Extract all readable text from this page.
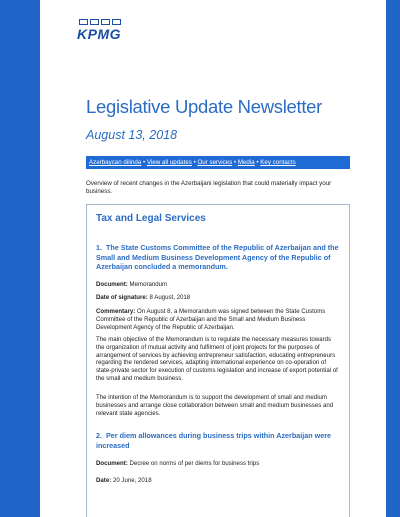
KPMG
Legislative Update Newsletter
August 13, 2018
Azərbaycan dilində • View all updates • Our services • Media • Key contacts
Overview of recent changes in the Azerbaijani legislation that could materially impact your business.
Tax and Legal Services
1. The State Customs Committee of the Republic of Azerbaijan and the Small and Medium Business Development Agency of the Republic of Azerbaijan concluded a memorandum.
Document: Memorandum
Date of signature: 8 August, 2018
Commentary: On August 8, a Memorandum was signed between the State Customs Committee of the Republic of Azerbaijan and the Small and Medium Business Development Agency of the Republic of Azerbaijan.
The main objective of the Memorandum is to regulate the necessary measures towards the organization of mutual activity and fulfilment of joint projects for the purposes of arrangement of services by achieving entrepreneur satisfaction, educating entrepreneurs regarding the rendered services, adapting international experience on co-operation of state-private sector for execution of customs legislation and increase of export potential of the small and medium business.
The intention of the Memorandum is to support the development of small and medium businesses and arrange close collaboration between small and medium businesses and relevant state agencies.
2. Per diem allowances during business trips within Azerbaijan were increased
Document: Decree on norms of per diems for business trips
Date: 20 June, 2018
